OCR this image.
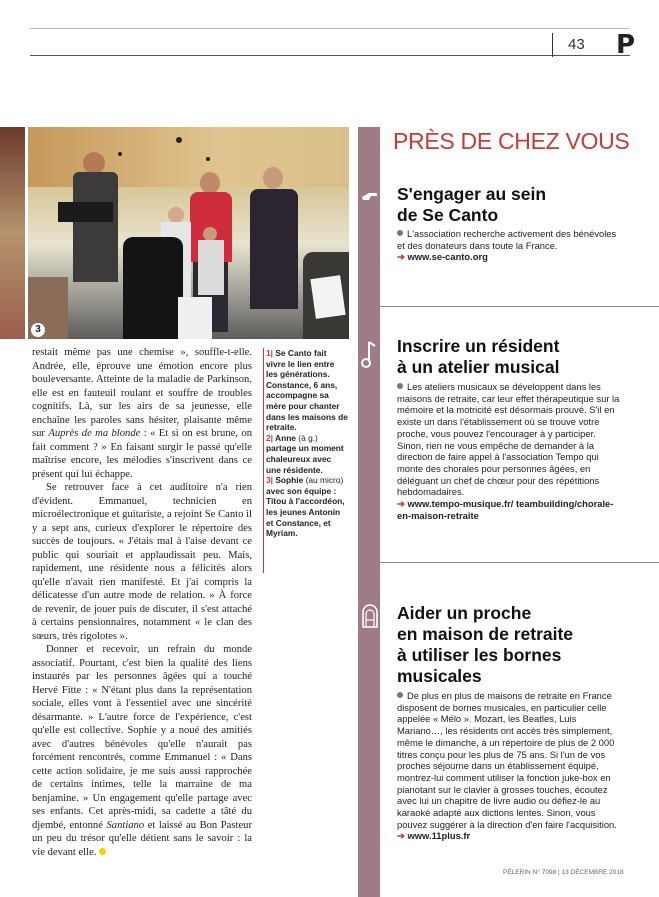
43 P
3

restait même pas une chemise », souffle-t-elle. Andrée, elle, éprouve une émotion encore plus bouleversante. Atteinte de la maladie de Parkinson, elle est en fauteuil roulant et souffre de troubles cognitifs. Là, sur les airs de sa jeunesse, elle enchaîne les paroles sans hésiter, plaisante même sur Auprès de ma blonde : « Et si on est brune, on fait comment ? » En faisant surgir le passé qu'elle maîtrise encore, les mélodies s'inscrivent dans ce présent qui lui échappe.

Se retrouver face à cet auditoire n'a rien d'évident. Emmanuel, technicien en microélectronique et guitariste, a rejoint Se Canto il y a sept ans, curieux d'explorer le répertoire des succès de toujours. « J'étais mal à l'aise devant ce public qui souriait et applaudissait peu. Mais, rapidement, une résidente nous a félicités alors qu'elle n'avait rien manifesté. Et j'ai compris la délicatesse d'un autre mode de relation. » À force de revenir, de jouer puis de discuter, il s'est attaché à certains pensionnaires, notamment « le clan des sœurs, très rigolotes ».

Donner et recevoir, un refrain du monde associatif. Pourtant, c'est bien la qualité des liens instaurés par les personnes âgées qui a touché Hervé Fitte : « N'étant plus dans la représentation sociale, elles vont à l'essentiel avec une sincérité désarmante. » L'autre force de l'expérience, c'est qu'elle est collective. Sophie y a noué des amitiés avec d'autres bénévoles qu'elle n'aurait pas forcément rencontrés, comme Emmanuel : « Dans cette action solidaire, je me suis aussi rapprochée de certains intimes, telle la marraine de ma benjamine. » Un engagement qu'elle partage avec ses enfants. Cet après-midi, sa cadette a tâté du djembé, entonné Santiano et laissé au Bon Pasteur un peu du trésor qu'elle détient sans le savoir : la vie devant elle.

1| Se Canto fait vivre le lien entre les générations. Constance, 6 ans, accompagne sa mère pour chanter dans les maisons de retraite.
2| Anne (à g.) partage un moment chaleureux avec une résidente.
3| Sophie (au micro) avec son équipe : Titou à l'accordéon, les jeunes Antonin et Constance, et Myriam.
PRÈS DE CHEZ VOUS
S'engager au sein
de Se Canto
L'association recherche activement des bénévoles et des donateurs dans toute la France.
➔ www.se-canto.org
Inscrire un résident
à un atelier musical
Les ateliers musicaux se développent dans les maisons de retraite, car leur effet thérapeutique sur la mémoire et la motricité est désormais prouvé. S'il en existe un dans l'établissement où se trouve votre proche, vous pouvez l'encourager à y participer. Sinon, rien ne vous empêche de demander à la direction de faire appel à l'association Tempo qui monte des chorales pour personnes âgées, en déléguant un chef de chœur pour des répétitions hebdomadaires.
➔ www.tempo-musique.fr/ teambuilding/chorale-en-maison-retraite
Aider un proche
en maison de retraite
à utiliser les bornes
musicales
De plus en plus de maisons de retraite en France disposent de bornes musicales, en particulier celle appelée « Mélo ». Mozart, les Beatles, Luis Mariano…, les résidents ont accès très simplement, même le dimanche, à un répertoire de plus de 2 000 titres conçu pour les plus de 75 ans. Si l'un de vos proches séjourne dans un établissement équipé, montrez-lui comment utiliser la fonction juke-box en pianotant sur le clavier à grosses touches, écoutez avec lui un chapitre de livre audio ou défiez-le au karaoké adapté aux dictions lentes. Sinon, vous pouvez suggérer à la direction d'en faire l'acquisition.
➔ www.11plus.fr
PÈLERIN N° 7098 | 13 DÉCEMBRE 2018
